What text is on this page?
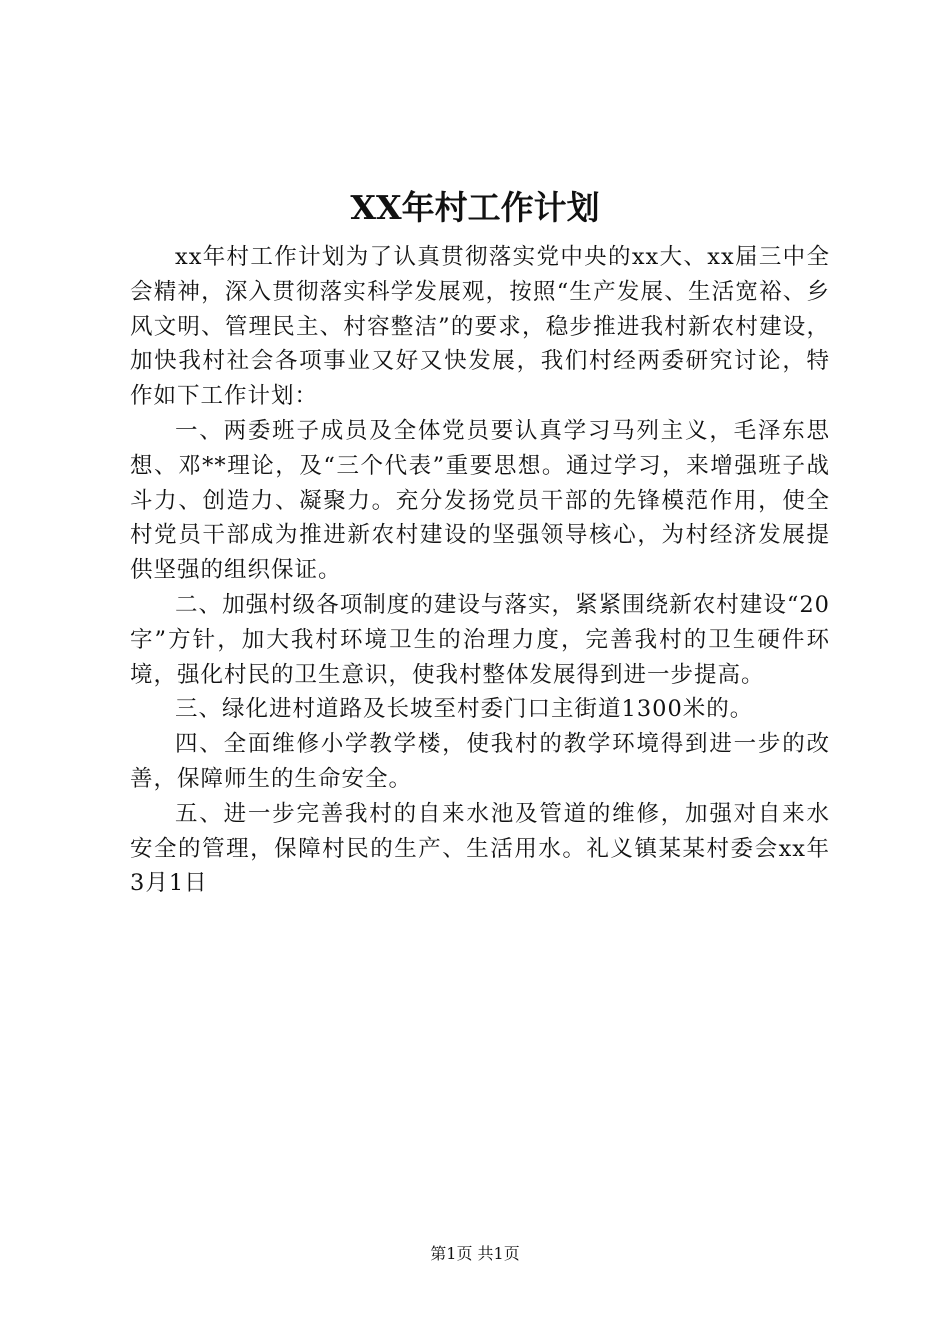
XX年村工作计划

xx年村工作计划为了认真贯彻落实党中央的xx大、xx届三中全会精神，深入贯彻落实科学发展观，按照“生产发展、生活宽裕、乡风文明、管理民主、村容整洁”的要求，稳步推进我村新农村建设，加快我村社会各项事业又好又快发展，我们村经两委研究讨论，特作如下工作计划：

一、两委班子成员及全体党员要认真学习马列主义，毛泽东思想、邓**理论，及“三个代表”重要思想。通过学习，来增强班子战斗力、创造力、凝聚力。充分发扬党员干部的先锋模范作用，使全村党员干部成为推进新农村建设的坚强领导核心，为村经济发展提供坚强的组织保证。

二、加强村级各项制度的建设与落实，紧紧围绕新农村建设“20字”方针，加大我村环境卫生的治理力度，完善我村的卫生硬件环境，强化村民的卫生意识，使我村整体发展得到进一步提高。

三、绿化进村道路及长坡至村委门口主街道1300米的。

四、全面维修小学教学楼，使我村的教学环境得到进一步的改善，保障师生的生命安全。

五、进一步完善我村的自来水池及管道的维修，加强对自来水安全的管理，保障村民的生产、生活用水。礼义镇某某村委会xx年3月1日

第1页 共1页
